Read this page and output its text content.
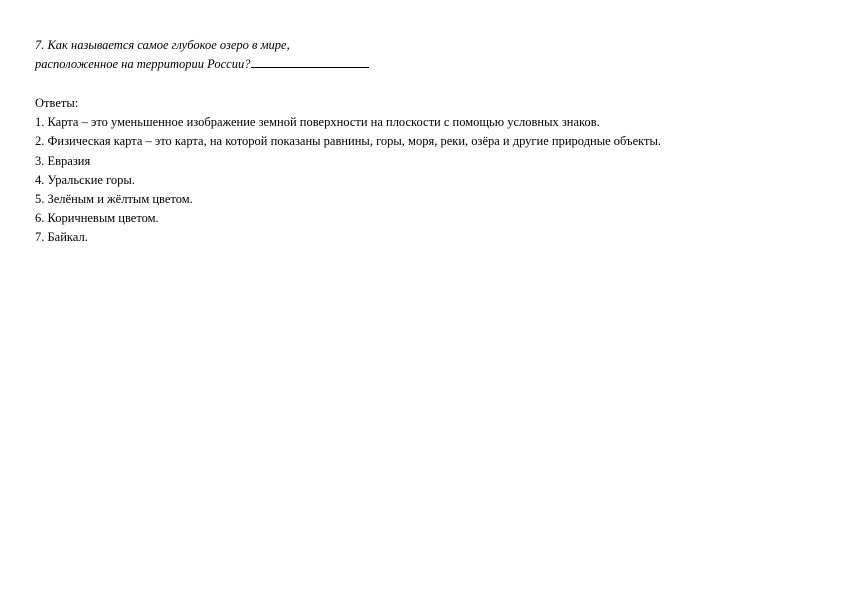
7. Как называется самое глубокое озеро в мире,
расположенное на территории России?
Ответы:
1. Карта – это уменьшенное изображение земной поверхности на плоскости с помощью условных знаков.
2. Физическая карта – это карта, на которой показаны равнины, горы, моря, реки, озёра и другие природные объекты.
3. Евразия
4. Уральские горы.
5. Зелёным и жёлтым цветом.
6. Коричневым цветом.
7. Байкал.
